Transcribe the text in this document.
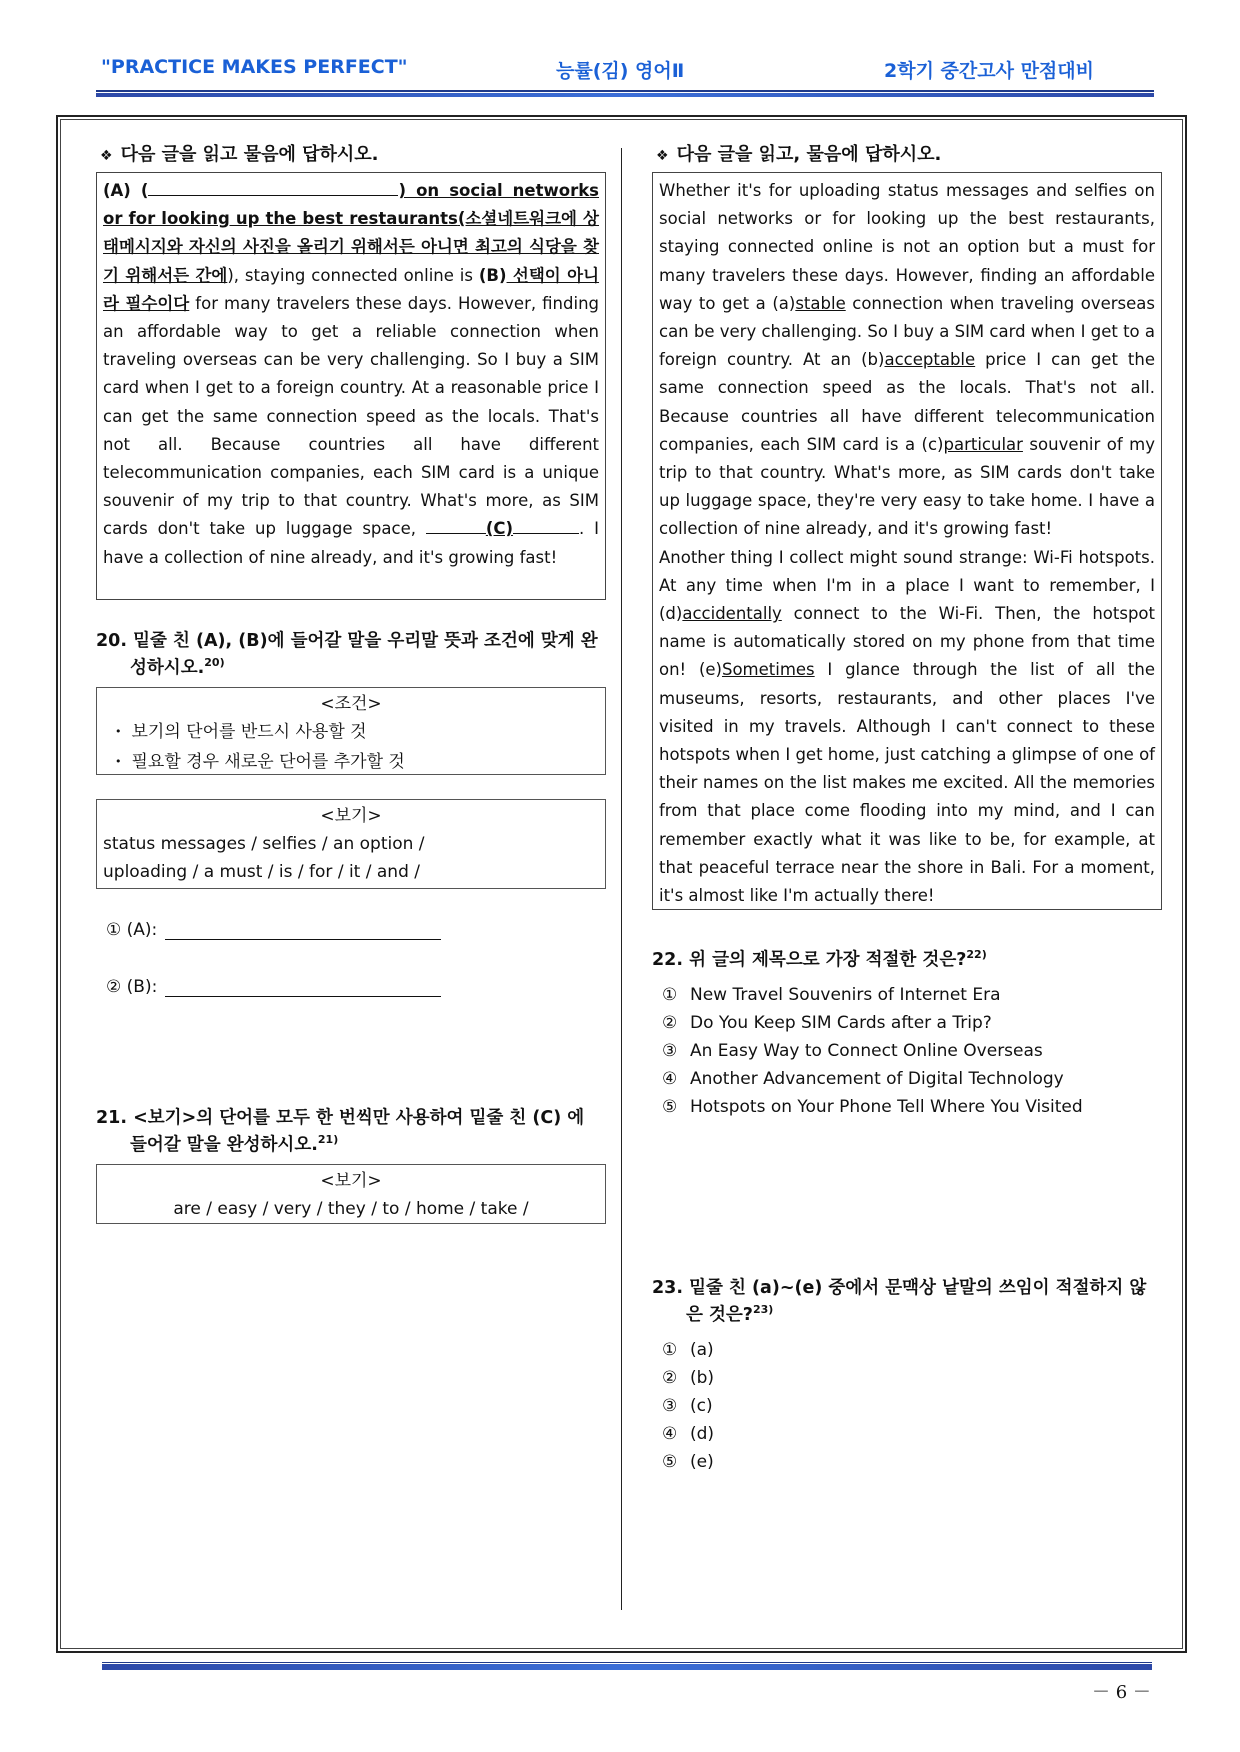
"PRACTICE MAKES PERFECT"	능률(김) 영어Ⅱ	2학기 중간고사 만점대비
❖ 다음 글을 읽고 물음에 답하시오.
(A) (	) on social networks or for looking up the best restaurants(소셜네트워크에 상태메시지와 자신의 사진을 올리기 위해서든 아니면 최고의 식당을 찾기 위해서든 간에), staying connected online is (B) 선택이 아니라 필수이다 for many travelers these days. However, finding an affordable way to get a reliable connection when traveling overseas can be very challenging. So I buy a SIM card when I get to a foreign country. At a reasonable price I can get the same connection speed as the locals. That's not all. Because countries all have different telecommunication companies, each SIM card is a unique souvenir of my trip to that country. What's more, as SIM cards don't take up luggage space,	(C)	. I have a collection of nine already, and it's growing fast!
20. 밑줄 친 (A), (B)에 들어갈 말을 우리말 뜻과 조건에 맞게 완성하시오.$^{20)}$
<조건>
• 보기의 단어를 반드시 사용할 것
• 필요할 경우 새로운 단어를 추가할 것
<보기>
status messages / selfies / an option /
uploading / a must / is / for / it / and /
① (A):
② (B):
21. <보기>의 단어를 모두 한 번씩만 사용하여 밑줄 친 (C) 에 들어갈 말을 완성하시오.$^{21)}$
<보기>
are / easy / very / they / to / home / take /
❖ 다음 글을 읽고, 물음에 답하시오.
Whether it's for uploading status messages and selfies on social networks or for looking up the best restaurants, staying connected online is not an option but a must for many travelers these days. However, finding an affordable way to get a (a)stable connection when traveling overseas can be very challenging. So I buy a SIM card when I get to a foreign country. At an (b)acceptable price I can get the same connection speed as the locals. That's not all. Because countries all have different telecommunication companies, each SIM card is a (c)particular souvenir of my trip to that country. What's more, as SIM cards don't take up luggage space, they're very easy to take home. I have a collection of nine already, and it's growing fast!
Another thing I collect might sound strange: Wi-Fi hotspots. At any time when I'm in a place I want to remember, I (d)accidentally connect to the Wi-Fi. Then, the hotspot name is automatically stored on my phone from that time on! (e)Sometimes I glance through the list of all the museums, resorts, restaurants, and other places I've visited in my travels. Although I can't connect to these hotspots when I get home, just catching a glimpse of one of their names on the list makes me excited. All the memories from that place come flooding into my mind, and I can remember exactly what it was like to be, for example, at that peaceful terrace near the shore in Bali. For a moment, it's almost like I'm actually there!
22. 위 글의 제목으로 가장 적절한 것은?$^{22)}$
① New Travel Souvenirs of Internet Era
② Do You Keep SIM Cards after a Trip?
③ An Easy Way to Connect Online Overseas
④ Another Advancement of Digital Technology
⑤ Hotspots on Your Phone Tell Where You Visited
23. 밑줄 친 (a)~(e) 중에서 문맥상 낱말의 쓰임이 적절하지 않은 것은?$^{23)}$
① (a)
② (b)
③ (c)
④ (d)
⑤ (e)
－ 6 －
